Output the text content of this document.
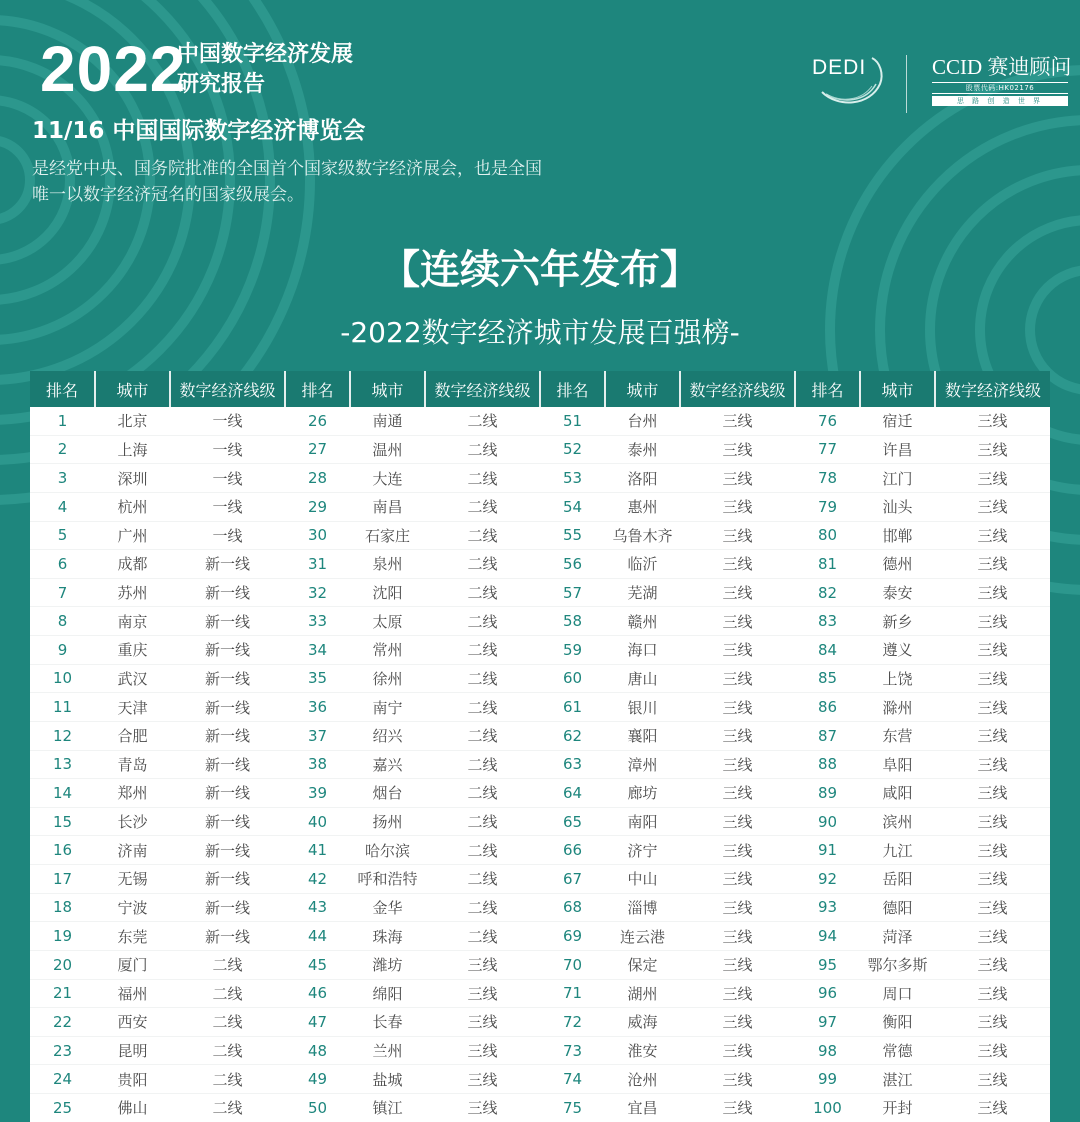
2022
中国数字经济发展
研究报告
11/16 中国国际数字经济博览会
是经党中央、国务院批准的全国首个国家级数字经济展会，也是全国唯一以数字经济冠名的国家级展会。
DEDI	CCID 赛迪顾问
股票代码:HK02176
思 路 创 造 世 界
【连续六年发布】
-2022数字经济城市发展百强榜-
排名	城市	数字经济线级	排名	城市	数字经济线级	排名	城市	数字经济线级	排名	城市	数字经济线级
1	北京	一线	26	南通	二线	51	台州	三线	76	宿迁	三线
2	上海	一线	27	温州	二线	52	泰州	三线	77	许昌	三线
3	深圳	一线	28	大连	二线	53	洛阳	三线	78	江门	三线
4	杭州	一线	29	南昌	二线	54	惠州	三线	79	汕头	三线
5	广州	一线	30	石家庄	二线	55	乌鲁木齐	三线	80	邯郸	三线
6	成都	新一线	31	泉州	二线	56	临沂	三线	81	德州	三线
7	苏州	新一线	32	沈阳	二线	57	芜湖	三线	82	泰安	三线
8	南京	新一线	33	太原	二线	58	赣州	三线	83	新乡	三线
9	重庆	新一线	34	常州	二线	59	海口	三线	84	遵义	三线
10	武汉	新一线	35	徐州	二线	60	唐山	三线	85	上饶	三线
11	天津	新一线	36	南宁	二线	61	银川	三线	86	滁州	三线
12	合肥	新一线	37	绍兴	二线	62	襄阳	三线	87	东营	三线
13	青岛	新一线	38	嘉兴	二线	63	漳州	三线	88	阜阳	三线
14	郑州	新一线	39	烟台	二线	64	廊坊	三线	89	咸阳	三线
15	长沙	新一线	40	扬州	二线	65	南阳	三线	90	滨州	三线
16	济南	新一线	41	哈尔滨	二线	66	济宁	三线	91	九江	三线
17	无锡	新一线	42	呼和浩特	二线	67	中山	三线	92	岳阳	三线
18	宁波	新一线	43	金华	二线	68	淄博	三线	93	德阳	三线
19	东莞	新一线	44	珠海	二线	69	连云港	三线	94	菏泽	三线
20	厦门	二线	45	潍坊	三线	70	保定	三线	95	鄂尔多斯	三线
21	福州	二线	46	绵阳	三线	71	湖州	三线	96	周口	三线
22	西安	二线	47	长春	三线	72	威海	三线	97	衡阳	三线
23	昆明	二线	48	兰州	三线	73	淮安	三线	98	常德	三线
24	贵阳	二线	49	盐城	三线	74	沧州	三线	99	湛江	三线
25	佛山	二线	50	镇江	三线	75	宜昌	三线	100	开封	三线
